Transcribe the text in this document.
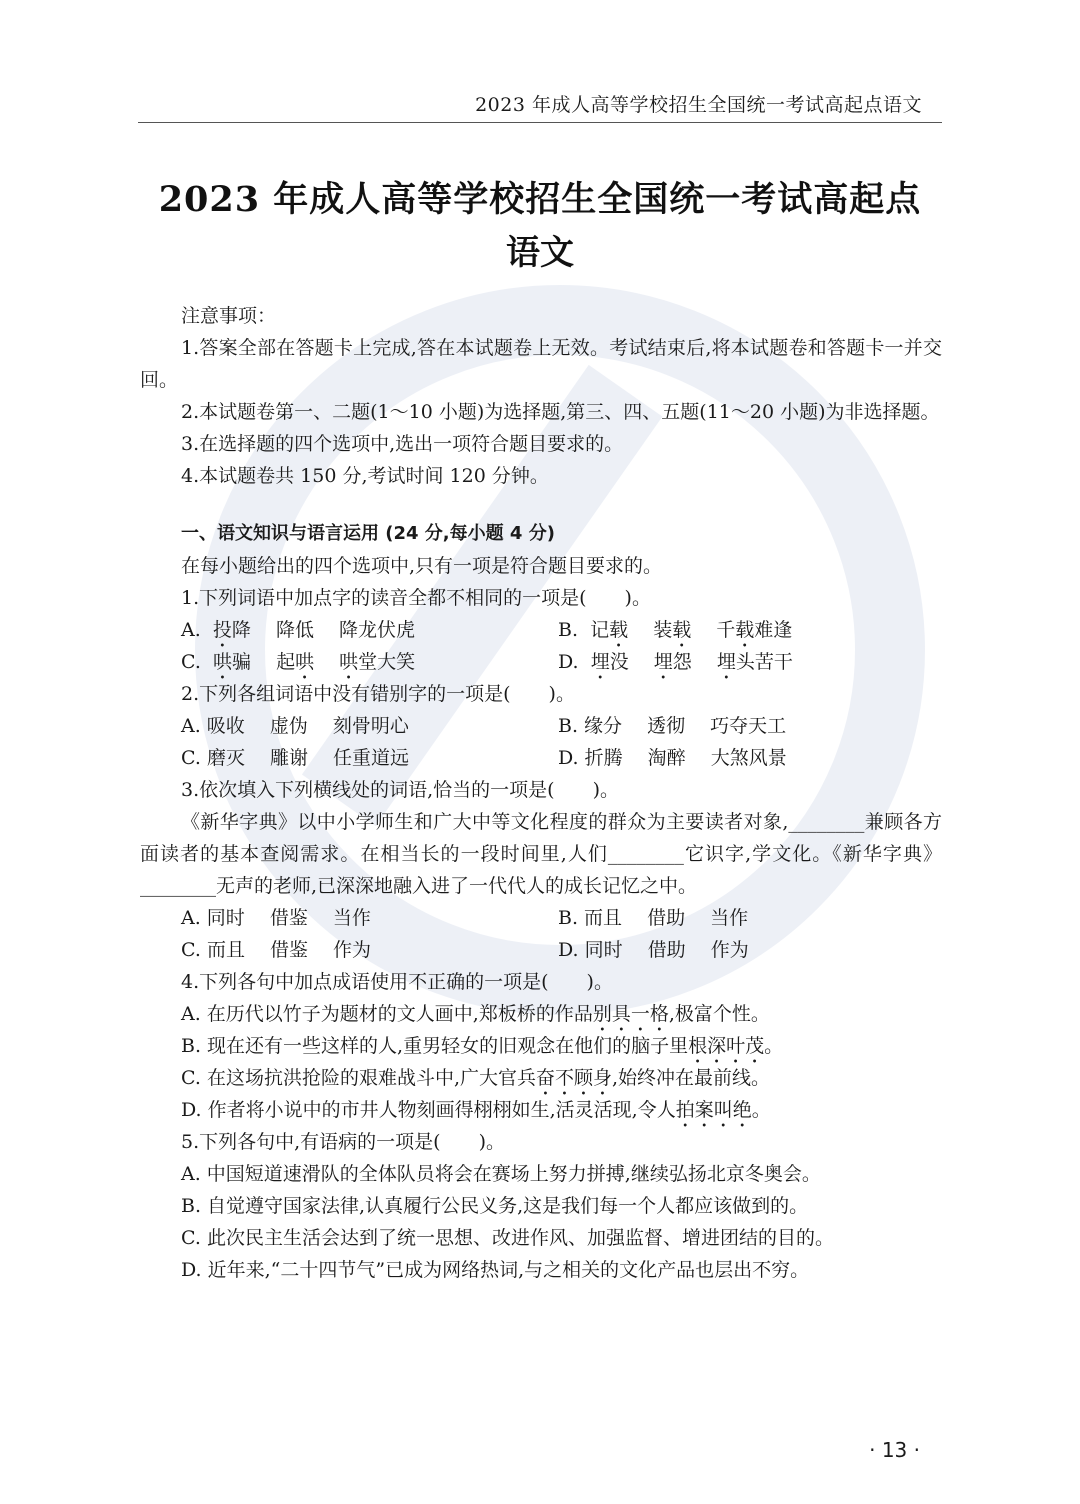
2023 年成人高等学校招生全国统一考试高起点语文
2023 年成人高等学校招生全国统一考试高起点
语文
注意事项：
1.答案全部在答题卡上完成,答在本试题卷上无效。考试结束后,将本试题卷和答题卡一并交回。
2.本试题卷第一、二题(1～10 小题)为选择题,第三、四、五题(11～20 小题)为非选择题。
3.在选择题的四个选项中,选出一项符合题目要求的。
4.本试题卷共 150 分,考试时间 120 分钟。
一、语文知识与语言运用 (24 分,每小题 4 分)
在每小题给出的四个选项中,只有一项是符合题目要求的。
1.下列词语中加点字的读音全都不相同的一项是(　　)。
A. 投降　 降低　 降龙伏虎	B. 记载　 装载　 千载难逢
C. 哄骗　 起哄　 哄堂大笑	D. 埋没　 埋怨　 埋头苦干
2.下列各组词语中没有错别字的一项是(　　)。
A. 吸收　 虚伪　 刻骨明心	B. 缘分　 透彻　 巧夺天工
C. 磨灭　 雕谢　 任重道远	D. 折腾　 淘醉　 大煞风景
3.依次填入下列横线处的词语,恰当的一项是(　　)。
《新华字典》以中小学师生和广大中等文化程度的群众为主要读者对象,________兼顾各方面读者的基本查阅需求。在相当长的一段时间里,人们________它识字,学文化。《新华字典》________无声的老师,已深深地融入进了一代代人的成长记忆之中。
A. 同时　 借鉴　 当作	B. 而且　 借助　 当作
C. 而且　 借鉴　 作为	D. 同时　 借助　 作为
4.下列各句中加点成语使用不正确的一项是(　　)。
A. 在历代以竹子为题材的文人画中,郑板桥的作品别具一格,极富个性。
B. 现在还有一些这样的人,重男轻女的旧观念在他们的脑子里根深叶茂。
C. 在这场抗洪抢险的艰难战斗中,广大官兵奋不顾身,始终冲在最前线。
D. 作者将小说中的市井人物刻画得栩栩如生,活灵活现,令人拍案叫绝。
5.下列各句中,有语病的一项是(　　)。
A. 中国短道速滑队的全体队员将会在赛场上努力拼搏,继续弘扬北京冬奥会。
B. 自觉遵守国家法律,认真履行公民义务,这是我们每一个人都应该做到的。
C. 此次民主生活会达到了统一思想、改进作风、加强监督、增进团结的目的。
D. 近年来,“二十四节气”已成为网络热词,与之相关的文化产品也层出不穷。
· 13 ·
